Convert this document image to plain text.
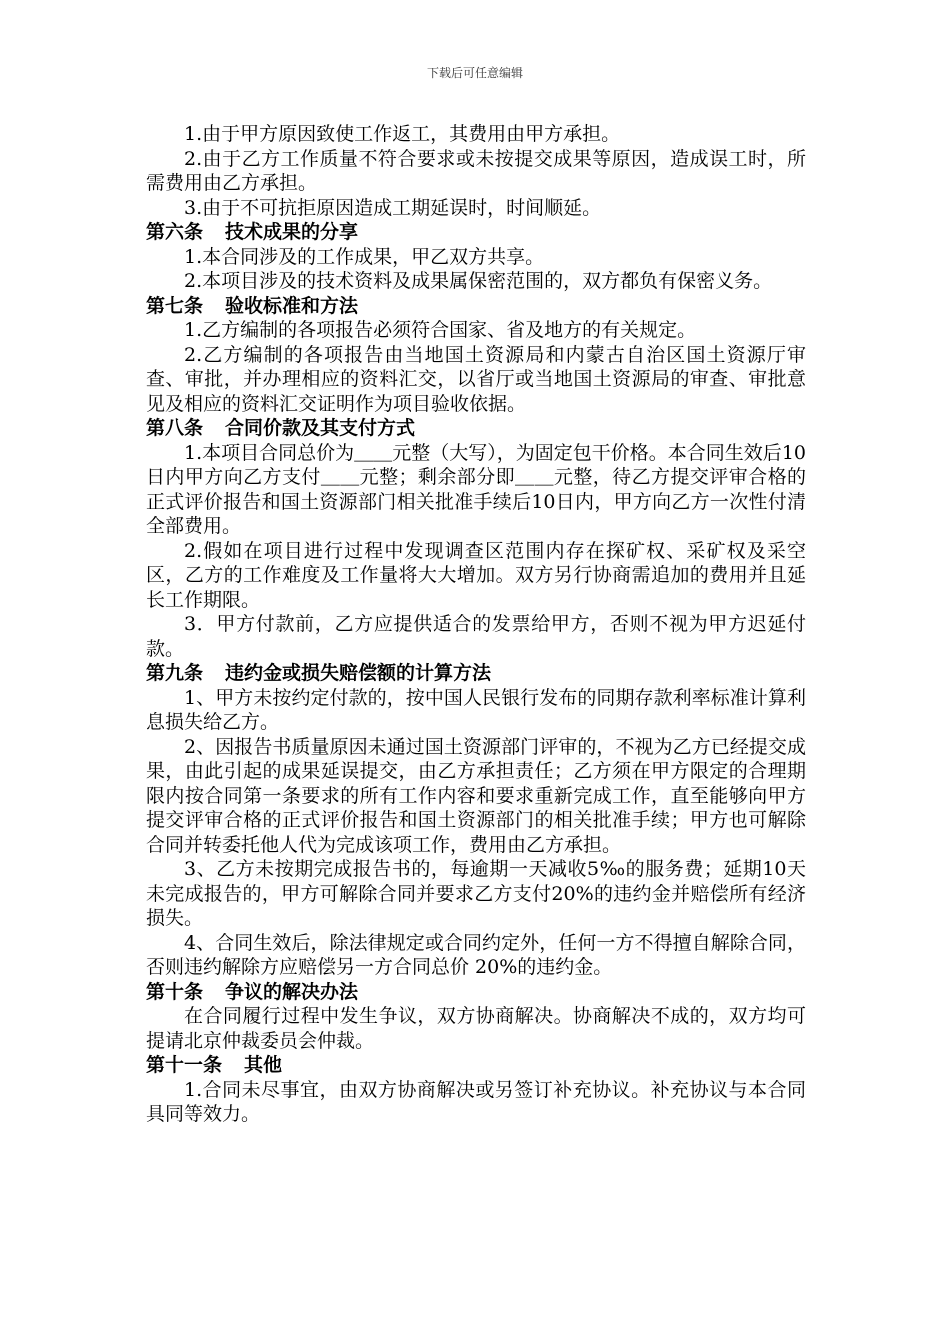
下载后可任意编辑

1.由于甲方原因致使工作返工，其费用由甲方承担。

2.由于乙方工作质量不符合要求或未按提交成果等原因，造成误工时，所需费用由乙方承担。

3.由于不可抗拒原因造成工期延误时，时间顺延。

第六条 技术成果的分享

1.本合同涉及的工作成果，甲乙双方共享。

2.本项目涉及的技术资料及成果属保密范围的，双方都负有保密义务。

第七条 验收标准和方法

1.乙方编制的各项报告必须符合国家、省及地方的有关规定。

2.乙方编制的各项报告由当地国土资源局和内蒙古自治区国土资源厅审查、审批，并办理相应的资料汇交，以省厅或当地国土资源局的审查、审批意见及相应的资料汇交证明作为项目验收依据。

第八条 合同价款及其支付方式

1.本项目合同总价为＿＿元整（大写），为固定包干价格。本合同生效后10日内甲方向乙方支付＿＿元整；剩余部分即＿＿元整，待乙方提交评审合格的正式评价报告和国土资源部门相关批准手续后10日内，甲方向乙方一次性付清全部费用。

2.假如在项目进行过程中发现调查区范围内存在探矿权、采矿权及采空区，乙方的工作难度及工作量将大大增加。双方另行协商需追加的费用并且延长工作期限。

3．甲方付款前，乙方应提供适合的发票给甲方，否则不视为甲方迟延付款。

第九条 违约金或损失赔偿额的计算方法

1、甲方未按约定付款的，按中国人民银行发布的同期存款利率标准计算利息损失给乙方。

2、因报告书质量原因未通过国土资源部门评审的，不视为乙方已经提交成果，由此引起的成果延误提交，由乙方承担责任；乙方须在甲方限定的合理期限内按合同第一条要求的所有工作内容和要求重新完成工作，直至能够向甲方提交评审合格的正式评价报告和国土资源部门的相关批准手续；甲方也可解除合同并转委托他人代为完成该项工作，费用由乙方承担。

3、乙方未按期完成报告书的，每逾期一天减收5‰的服务费；延期10天未完成报告的，甲方可解除合同并要求乙方支付20%的违约金并赔偿所有经济损失。

4、合同生效后，除法律规定或合同约定外，任何一方不得擅自解除合同，否则违约解除方应赔偿另一方合同总价 20%的违约金。

第十条 争议的解决办法

在合同履行过程中发生争议，双方协商解决。协商解决不成的，双方均可提请北京仲裁委员会仲裁。

第十一条 其他

1.合同未尽事宜，由双方协商解决或另签订补充协议。补充协议与本合同具同等效力。
